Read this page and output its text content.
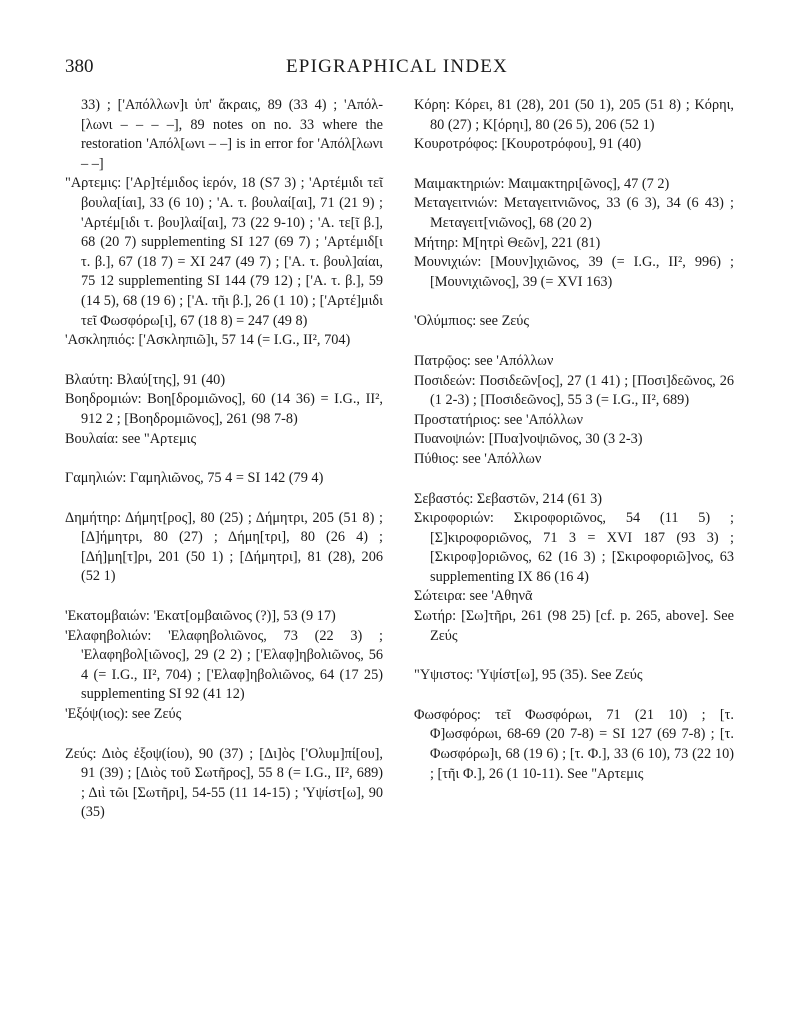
380	EPIGRAPHICAL INDEX

33) ; ['Απόλλων]ι ὑπ' ἄκραις, 89 (33 4) ; 'Απόλ-[λωνι – – – –], 89 notes on no. 33 where the restoration 'Απόλ[ωνι – –] is in error for 'Απόλ[λωνι – –]

"Αρτεμις: ['Αρ]τέμιδος ἱερόν, 18 (S7 3) ; 'Αρτέμιδι τεῖ βουλα[ίαι], 33 (6 10) ; 'Α. τ. βουλαί[αι], 71 (21 9) ; 'Αρτέμ[ιδι τ. βου]λαί[αι], 73 (22 9-10) ; 'Α. τε[ῖ β.], 68 (20 7) supplementing SI 127 (69 7) ; 'Αρτέμιδ[ι τ. β.], 67 (18 7) = XI 247 (49 7) ; ['Α. τ. βουλ]αίαι, 75 12 supplementing SI 144 (79 12) ; ['Α. τ. β.], 59 (14 5), 68 (19 6) ; ['Α. τῆι β.], 26 (1 10) ; ['Αρτέ]μιδι τεῖ Φωσφόρω[ι], 67 (18 8) = 247 (49 8)

'Ασκληπιός: ['Ασκληπιῶ]ι, 57 14 (= I.G., II², 704)

Βλαύτη: Βλαύ[της], 91 (40)

Βοηδρομιών: Βοη[δρομιῶνος], 60 (14 36) = I.G., II², 912 2 ; [Βοηδρομιῶνος], 261 (98 7-8)

Βουλαία: see "Αρτεμις

Γαμηλιών: Γαμηλιῶνος, 75 4 = SI 142 (79 4)

Δημήτηρ: Δήμητ[ρος], 80 (25) ; Δήμητρι, 205 (51 8) ; [Δ]ήμητρι, 80 (27) ; Δήμη[τρι], 80 (26 4) ; [Δή]μη[τ]ρι, 201 (50 1) ; [Δήμητρι], 81 (28), 206 (52 1)

'Εκατομβαιών: 'Εκατ[ομβαιῶνος (?)], 53 (9 17)

'Ελαφηβολιών: 'Ελαφηβολιῶνος, 73 (22 3) ; 'Ελαφηβολ[ιῶνος], 29 (2 2) ; ['Ελαφ]ηβολιῶνος, 56 4 (= I.G., II², 704) ; ['Ελαφ]ηβολιῶνος, 64 (17 25) supplementing SI 92 (41 12)

'Εξόψ(ιος): see Ζεύς

Ζεύς: Διὸς ἐξοψ(ίου), 90 (37) ; [Δι]ὸς ['Ολυμ]πί[ου], 91 (39) ; [Διὸς τοῦ Σωτῆρος], 55 8 (= I.G., II², 689) ; Διὶ τῶι [Σωτῆρι], 54-55 (11 14-15) ; 'Υψίστ[ω], 90 (35)

Κόρη: Κόρει, 81 (28), 201 (50 1), 205 (51 8) ; Κόρηι, 80 (27) ; Κ[όρηι], 80 (26 5), 206 (52 1)

Κουροτρόφος: [Κουροτρόφου], 91 (40)

Μαιμακτηριών: Μαιμακτηρι[ῶνος], 47 (7 2)

Μεταγειτνιών: Μεταγειτνιῶνος, 33 (6 3), 34 (6 43) ; Μεταγειτ[νιῶνος], 68 (20 2)

Μήτηρ: Μ[ητρὶ Θεῶν], 221 (81)

Μουνιχιών: [Μουν]ιχιῶνος, 39 (= I.G., II², 996) ; [Μουνιχιῶνος], 39 (= XVI 163)

'Ολύμπιος: see Ζεύς

Πατρῷος: see 'Απόλλων

Ποσιδεών: Ποσιδεῶν[ος], 27 (1 41) ; [Ποσι]δεῶνος, 26 (1 2-3) ; [Ποσιδεῶνος], 55 3 (= I.G., II², 689)

Προστατήριος: see 'Απόλλων

Πυανοψιών: [Πυα]νοψιῶνος, 30 (3 2-3)

Πύθιος: see 'Απόλλων

Σεβαστός: Σεβαστῶν, 214 (61 3)

Σκιροφοριών: Σκιροφοριῶνος, 54 (11 5) ; [Σ]κιροφοριῶνος, 71 3 = XVI 187 (93 3) ; [Σκιροφ]οριῶνος, 62 (16 3) ; [Σκιροφοριῶ]νος, 63 supplementing IX 86 (16 4)

Σώτειρα: see 'Αθηνᾶ

Σωτήρ: [Σω]τῆρι, 261 (98 25) [cf. p. 265, above]. See Ζεύς

"Υψιστος: 'Υψίστ[ω], 95 (35). See Ζεύς

Φωσφόρος: τεῖ Φωσφόρωι, 71 (21 10) ; [τ. Φ]ωσφόρωι, 68-69 (20 7-8) = SI 127 (69 7-8) ; [τ. Φωσφόρω]ι, 68 (19 6) ; [τ. Φ.], 33 (6 10), 73 (22 10) ; [τῆι Φ.], 26 (1 10-11). See "Αρτεμις
